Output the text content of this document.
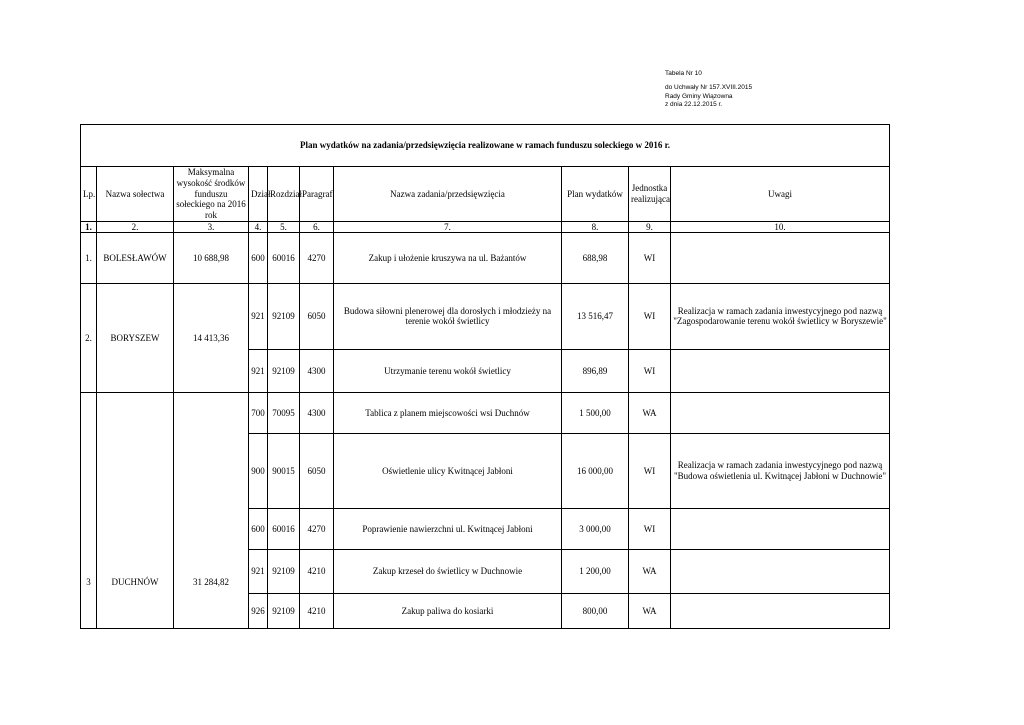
Tabela Nr 10
do Uchwały Nr 157.XVIII.2015
Rady Gminy Wiązowna
z dnia 22.12.2015 r.
Plan wydatków na zadania/przedsięwzięcia realizowane w ramach funduszu soleckiego w 2016 r.									
Lp.	Nazwa sołectwa	Maksymalna wysokość środków funduszu sołeckiego na 2016 rok	Dział	Rozdział	Paragraf	Nazwa zadania/przedsięwzięcia	Plan wydatków	Jednostka realizująca	Uwagi
1.	2.	3.	4.	5.	6.	7.	8.	9.	10.
1.	BOLESŁAWÓW	10 688,98	600	60016	4270	Zakup i ułożenie kruszywa na ul. Bażantów	688,98	WI	
2.	BORYSZEW	14 413,36	921	92109	6050	Budowa siłowni plenerowej dla dorosłych i młodzieży na terenie wokół świetlicy	13 516,47	WI	Realizacja w ramach zadania inwestycyjnego pod nazwą "Zagospodarowanie terenu wokół świetlicy w Boryszewie"
			921	92109	4300	Utrzymanie terenu wokół świetlicy	896,89	WI	
3	DUCHNÓW	31 284,82	700	70095	4300	Tablica z planem miejscowości wsi Duchnów	1 500,00	WA	
			900	90015	6050	Oświetlenie ulicy Kwitnącej Jabłoni	16 000,00	WI	Realizacja w ramach zadania inwestycyjnego pod nazwą "Budowa oświetlenia ul. Kwitnącej Jabłoni w Duchnowie"
			600	60016	4270	Poprawienie nawierzchni ul. Kwitnącej Jabłoni	3 000,00	WI	
			921	92109	4210	Zakup krzeseł do świetlicy w Duchnowie	1 200,00	WA	
			926	92109	4210	Zakup paliwa do kosiarki	800,00	WA	
